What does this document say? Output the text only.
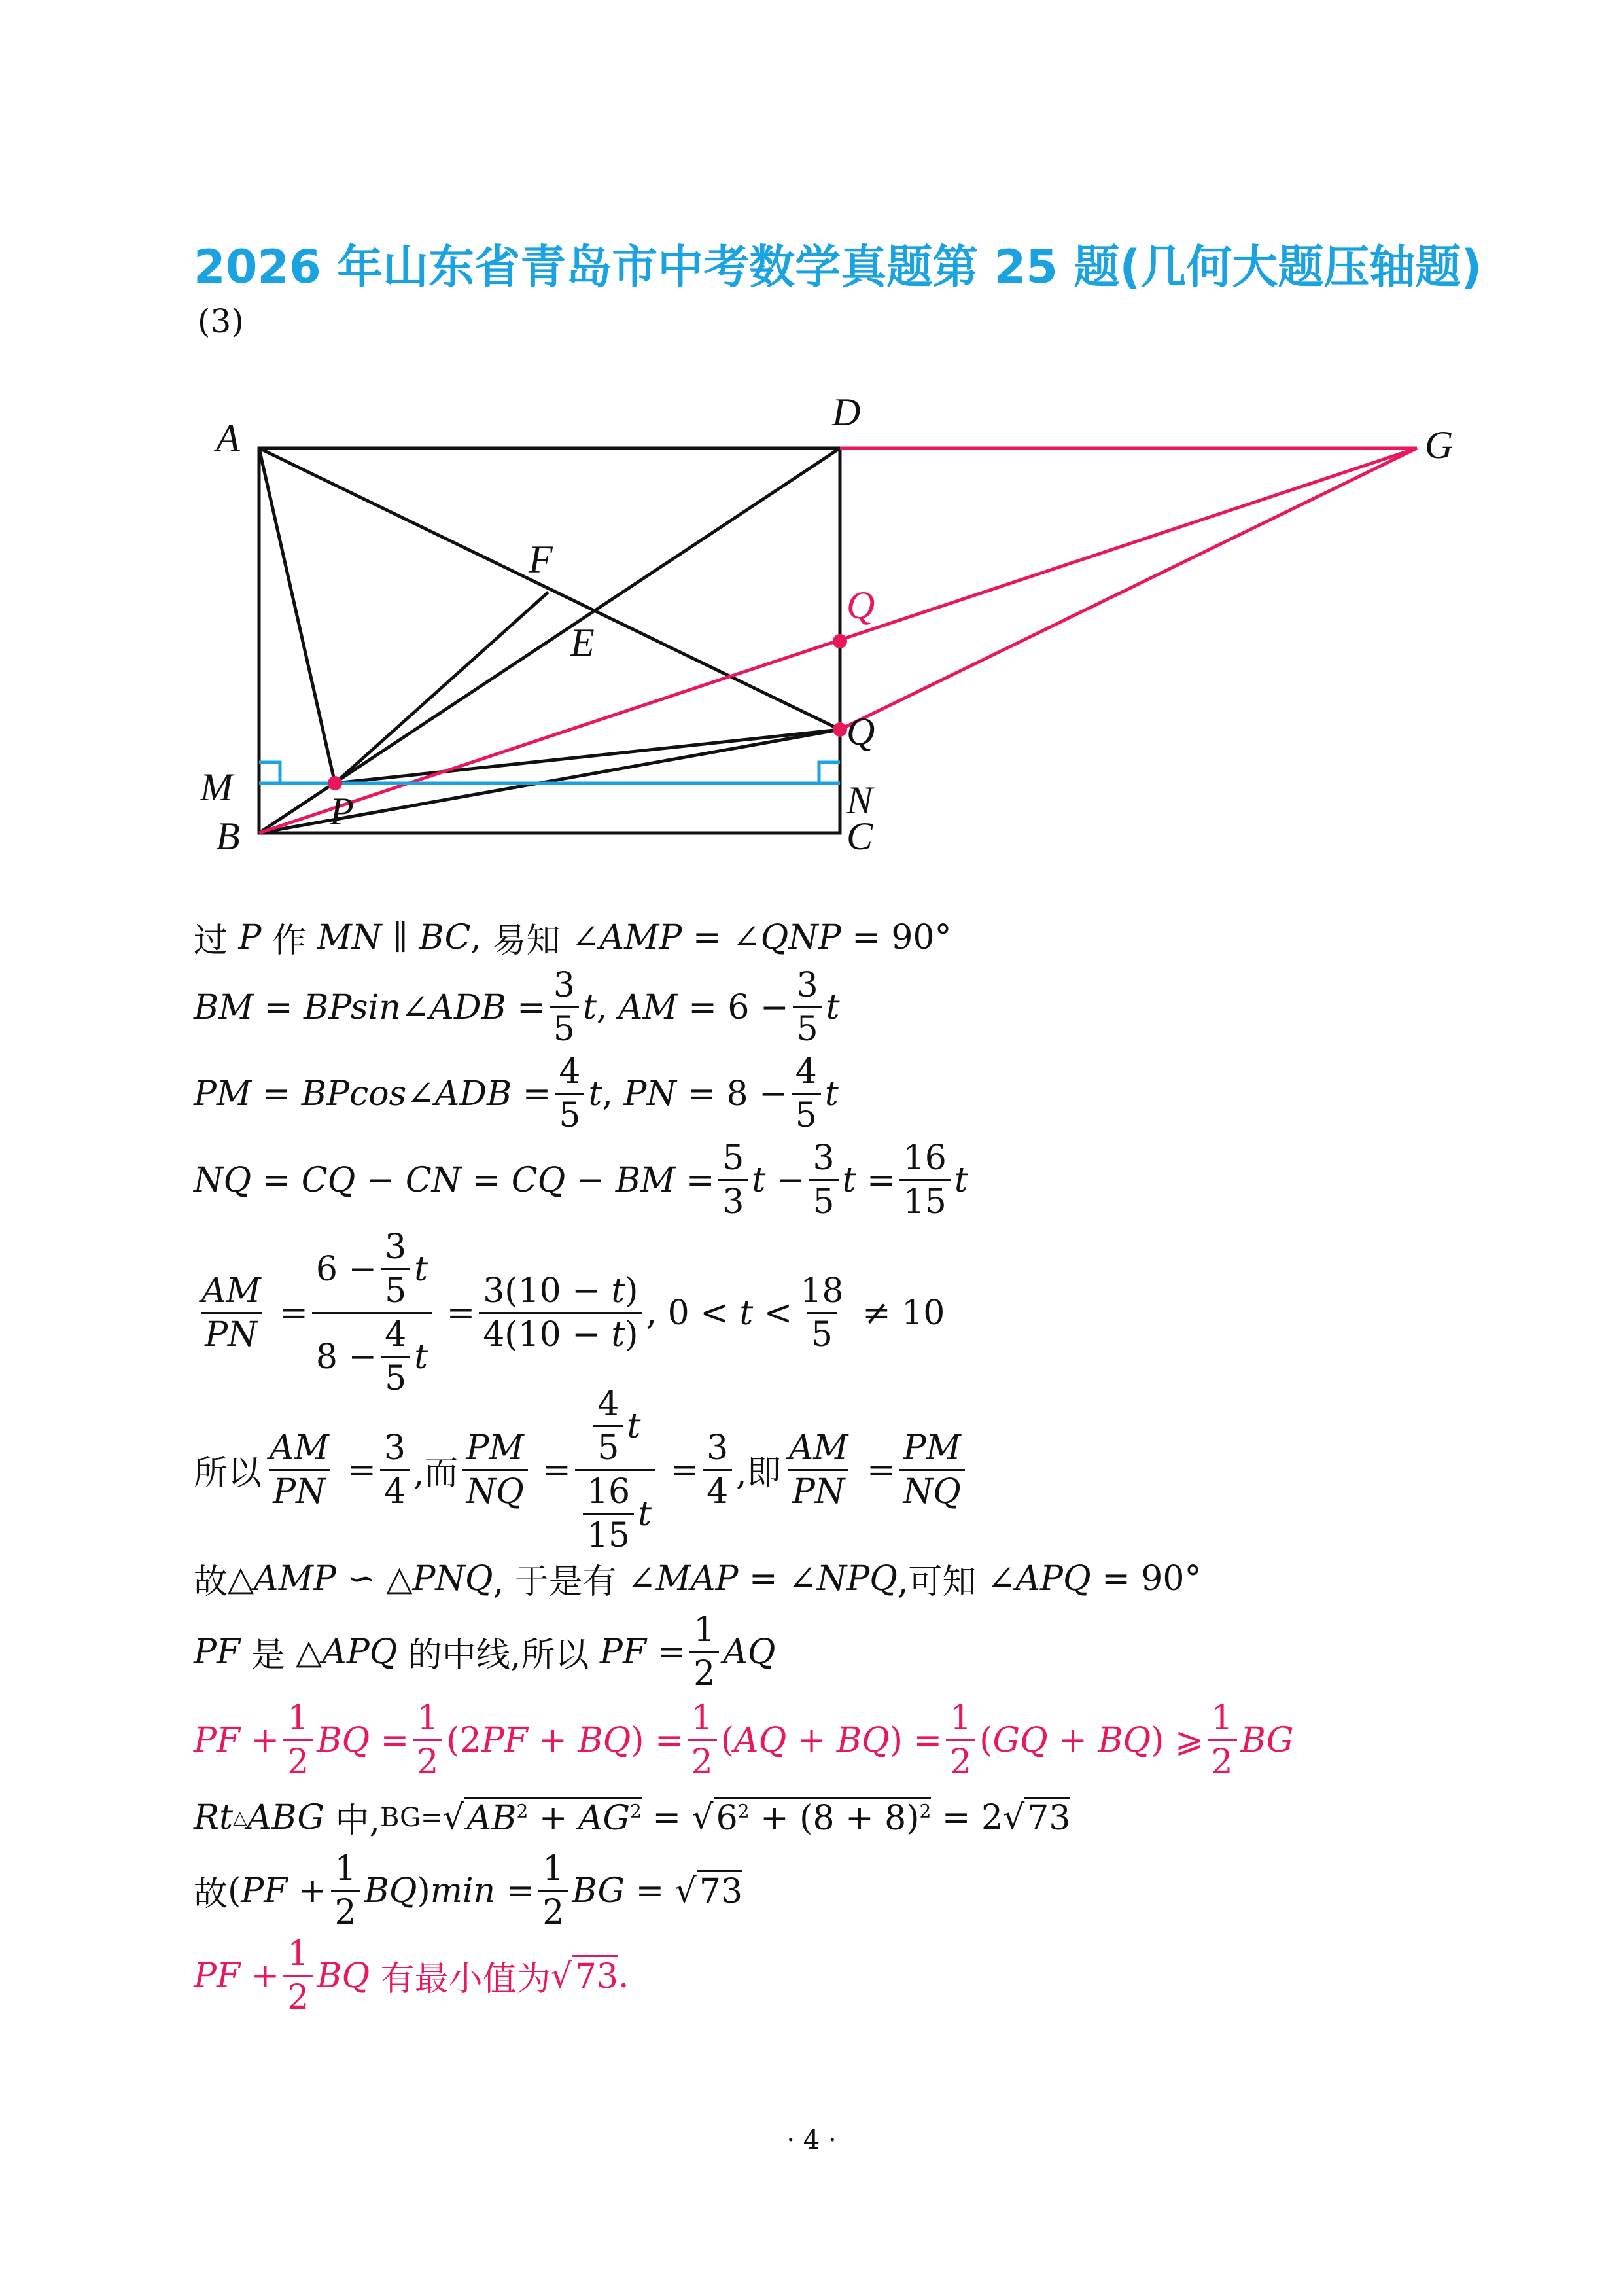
2026 年山东省青岛市中考数学真题第 25 题(几何大题压轴题)
(3)
A
D
G
F
E
Q
M
P	N
B	C
Q
过
P
作
MN ∥ BC , 易知 ∠ AMP = ∠ QNP = 90°
BM = BPsin ∠ ADB = $\frac{3}{5}$ t , AM = $6 - \frac{3}{5}$ t
PM = BPcos ∠ ADB = $\frac{4}{5}$ t , PN = $8 - \frac{4}{5}$ t
NQ = CQ − CN = CQ − BM = $\frac{5}{3}$ $t - \frac{3}{5}$ $t = \frac{16}{15}$ t
$\frac{AM}{PN} = \frac{6 - \frac{3}{5} t}{8 - \frac{4}{5} t} = \frac{3(10 - t)}{4(10 - t)}$ , $0 < t < \frac{18}{5} \ne 10$
所以 $\frac{AM}{PN} = \frac{3}{4}$ ,而 $\frac{PM}{NQ} = \frac{\frac{4}{5} t}{\frac{16}{15} t} = \frac{3}{4}$ ,即 $\frac{AM}{PN} = \frac{PM}{NQ}$
故 △ AMP ∽ △ PNQ , 于是有 ∠ MAP = ∠ NPQ ,可知 ∠ APQ = 90°
PF
是 △ APQ
的中线,所以
PF = $\frac{1}{2}$ AQ
PF + $\frac{1}{2}$ BQ = $\frac{1}{2} (2$ PF + BQ ) = $\frac{1}{2}$ ( AQ + BQ ) = $\frac{1}{2}$ ( GQ + BQ ) ⩾ $\frac{1}{2}$ BG
Rt △ ABG
中, BG= √ $AB^2 + AG^2$ = √ $6^2 + (8 + 8)^2 = 2√$ 73
故 ( PF + $\frac{1}{2}$ BQ ) $\min = \frac{1}{2}$ BG = √ 73
PF + $\frac{1}{2}$ BQ
有最小值为 √ 73 .
· 4 ·
